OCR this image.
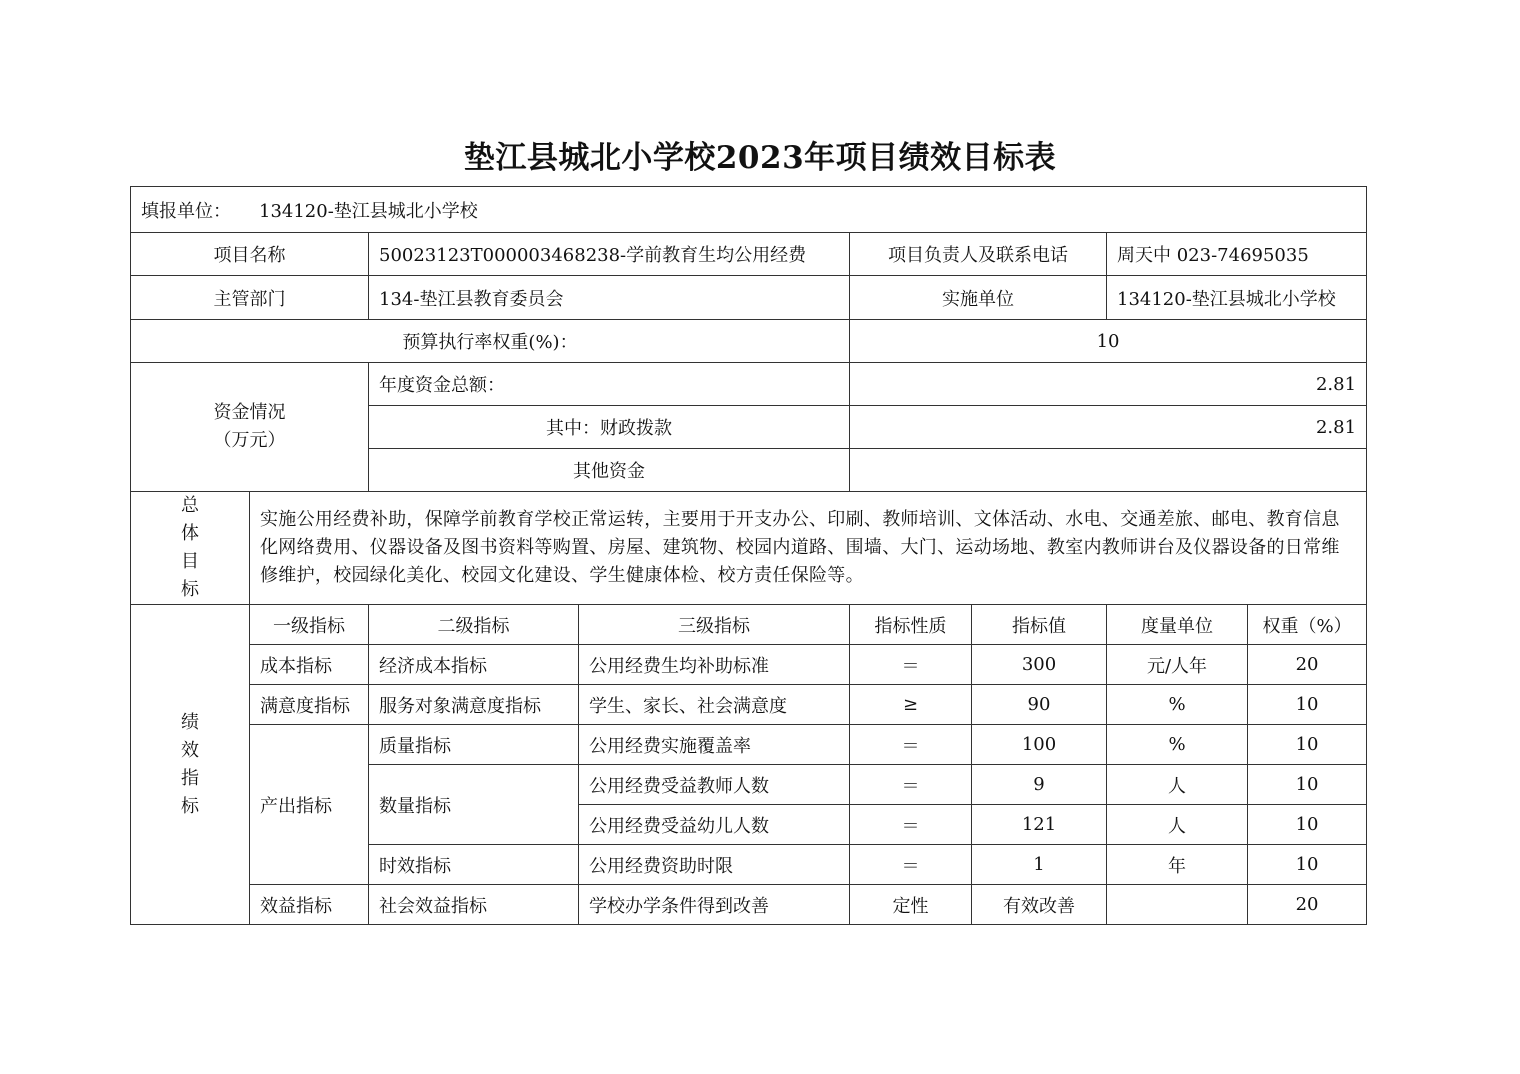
垫江县城北小学校2023年项目绩效目标表
填报单位： 134120-垫江县城北小学校							
项目名称		50023123T000003468238-学前教育生均公用经费		项目负责人及联系电话		周天中 023-74695035	
主管部门		134-垫江县教育委员会		实施单位		134120-垫江县城北小学校	
预算执行率权重(%)：				10			

资金情况
（万元）		年度资金总额：		2.81			
		其中：财政拨款		2.81			
		其他资金					

总
体
目
标	实施公用经费补助，保障学前教育学校正常运转，主要用于开支办公、印刷、教师培训、文体活动、水电、交通差旅、邮电、教育信息化网络费用、仪器设备及图书资料等购置、房屋、建筑物、校园内道路、围墙、大门、运动场地、教室内教师讲台及仪器设备的日常维修维护，校园绿化美化、校园文化建设、学生健康体检、校方责任保险等。						

绩
效
指
标	一级指标	二级指标	三级指标	指标性质	指标值	度量单位	权重（%）
	成本指标	经济成本指标	公用经费生均补助标准	＝	300	元/人年	20
	满意度指标	服务对象满意度指标	学生、家长、社会满意度	≥	90	%	10
	产出指标	质量指标	公用经费实施覆盖率	＝	100	%	10
		数量指标	公用经费受益教师人数	＝	9	人	10
			公用经费受益幼儿人数	＝	121	人	10
		时效指标	公用经费资助时限	＝	1	年	10
	效益指标	社会效益指标	学校办学条件得到改善	定性	有效改善		20
